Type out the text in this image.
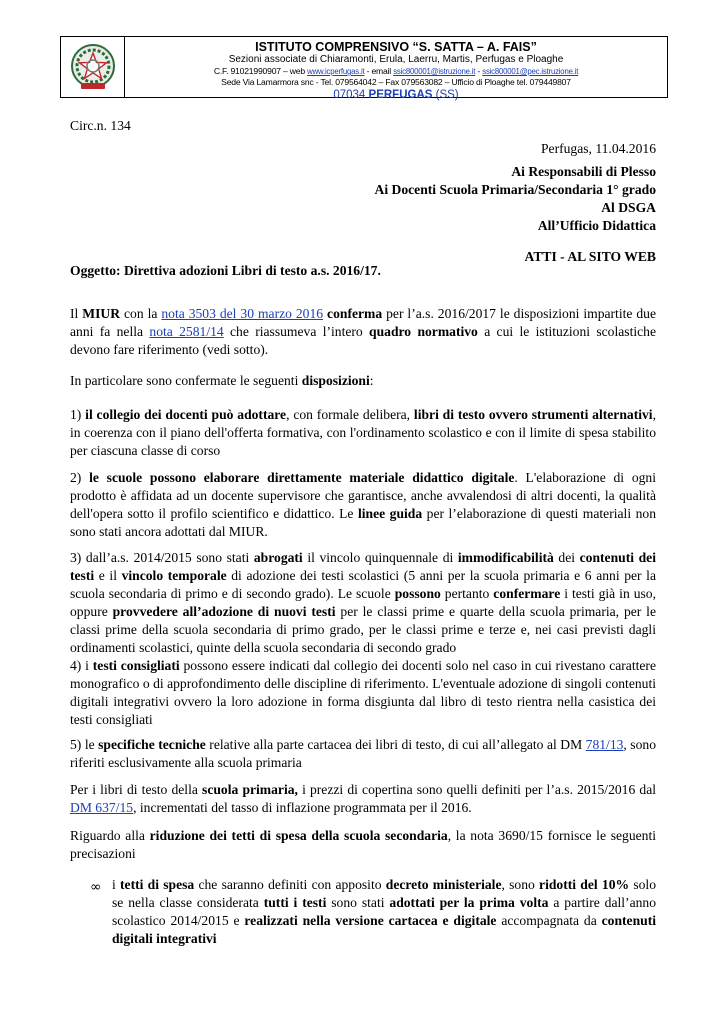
ISTITUTO COMPRENSIVO “S. SATTA – A. FAIS”
Sezioni associate di Chiaramonti, Erula, Laerru, Martis, Perfugas e Ploaghe
C.F. 91021990907 – web www.icperfugas.it - email ssic800001@istruzione.it - ssic800001@pec.istruzione.it
Sede Via Lamarmora snc - Tel. 079564042 – Fax 079563082 – Ufficio di Ploaghe tel. 079449807
07034 PERFUGAS (SS)
Circ.n. 134
Perfugas, 11.04.2016
Ai Responsabili di Plesso
Ai Docenti Scuola Primaria/Secondaria 1° grado
Al DSGA
All’Ufficio Didattica
ATTI - AL SITO WEB
Oggetto: Direttiva adozioni Libri di testo a.s. 2016/17.
Il MIUR con la nota 3503 del 30 marzo 2016 conferma per l’a.s. 2016/2017 le disposizioni impartite due anni fa nella nota 2581/14 che riassumeva l’intero quadro normativo a cui le istituzioni scolastiche devono fare riferimento (vedi sotto).
In particolare sono confermate le seguenti disposizioni:
1) il collegio dei docenti può adottare, con formale delibera, libri di testo ovvero strumenti alternativi, in coerenza con il piano dell'offerta formativa, con l'ordinamento scolastico e con il limite di spesa stabilito per ciascuna classe di corso
2) le scuole possono elaborare direttamente materiale didattico digitale. L'elaborazione di ogni prodotto è affidata ad un docente supervisore che garantisce, anche avvalendosi di altri docenti, la qualità dell'opera sotto il profilo scientifico e didattico. Le linee guida per l’elaborazione di questi materiali non sono stati ancora adottati dal MIUR.
3) dall’a.s. 2014/2015 sono stati abrogati il vincolo quinquennale di immodificabilità dei contenuti dei testi e il vincolo temporale di adozione dei testi scolastici (5 anni per la scuola primaria e 6 anni per la scuola secondaria di primo e di secondo grado). Le scuole possono pertanto confermare i testi già in uso, oppure provvedere all’adozione di nuovi testi per le classi prime e quarte della scuola primaria, per le classi prime della scuola secondaria di primo grado, per le classi prime e terze e, nei casi previsti dagli ordinamenti scolastici, quinte della scuola secondaria di secondo grado
4) i testi consigliati possono essere indicati dal collegio dei docenti solo nel caso in cui rivestano carattere monografico o di approfondimento delle discipline di riferimento. L'eventuale adozione di singoli contenuti digitali integrativi ovvero la loro adozione in forma disgiunta dal libro di testo rientra nella casistica dei testi consigliati
5) le specifiche tecniche relative alla parte cartacea dei libri di testo, di cui all’allegato al DM 781/13, sono riferiti esclusivamente alla scuola primaria
Per i libri di testo della scuola primaria, i prezzi di copertina sono quelli definiti per l’a.s. 2015/2016 dal DM 637/15, incrementati del tasso di inflazione programmata per il 2016.
Riguardo alla riduzione dei tetti di spesa della scuola secondaria, la nota 3690/15 fornisce le seguenti precisazioni
∞ i tetti di spesa che saranno definiti con apposito decreto ministeriale, sono ridotti del 10% solo se nella classe considerata tutti i testi sono stati adottati per la prima volta a partire dall’anno scolastico 2014/2015 e realizzati nella versione cartacea e digitale accompagnata da contenuti digitali integrativi
